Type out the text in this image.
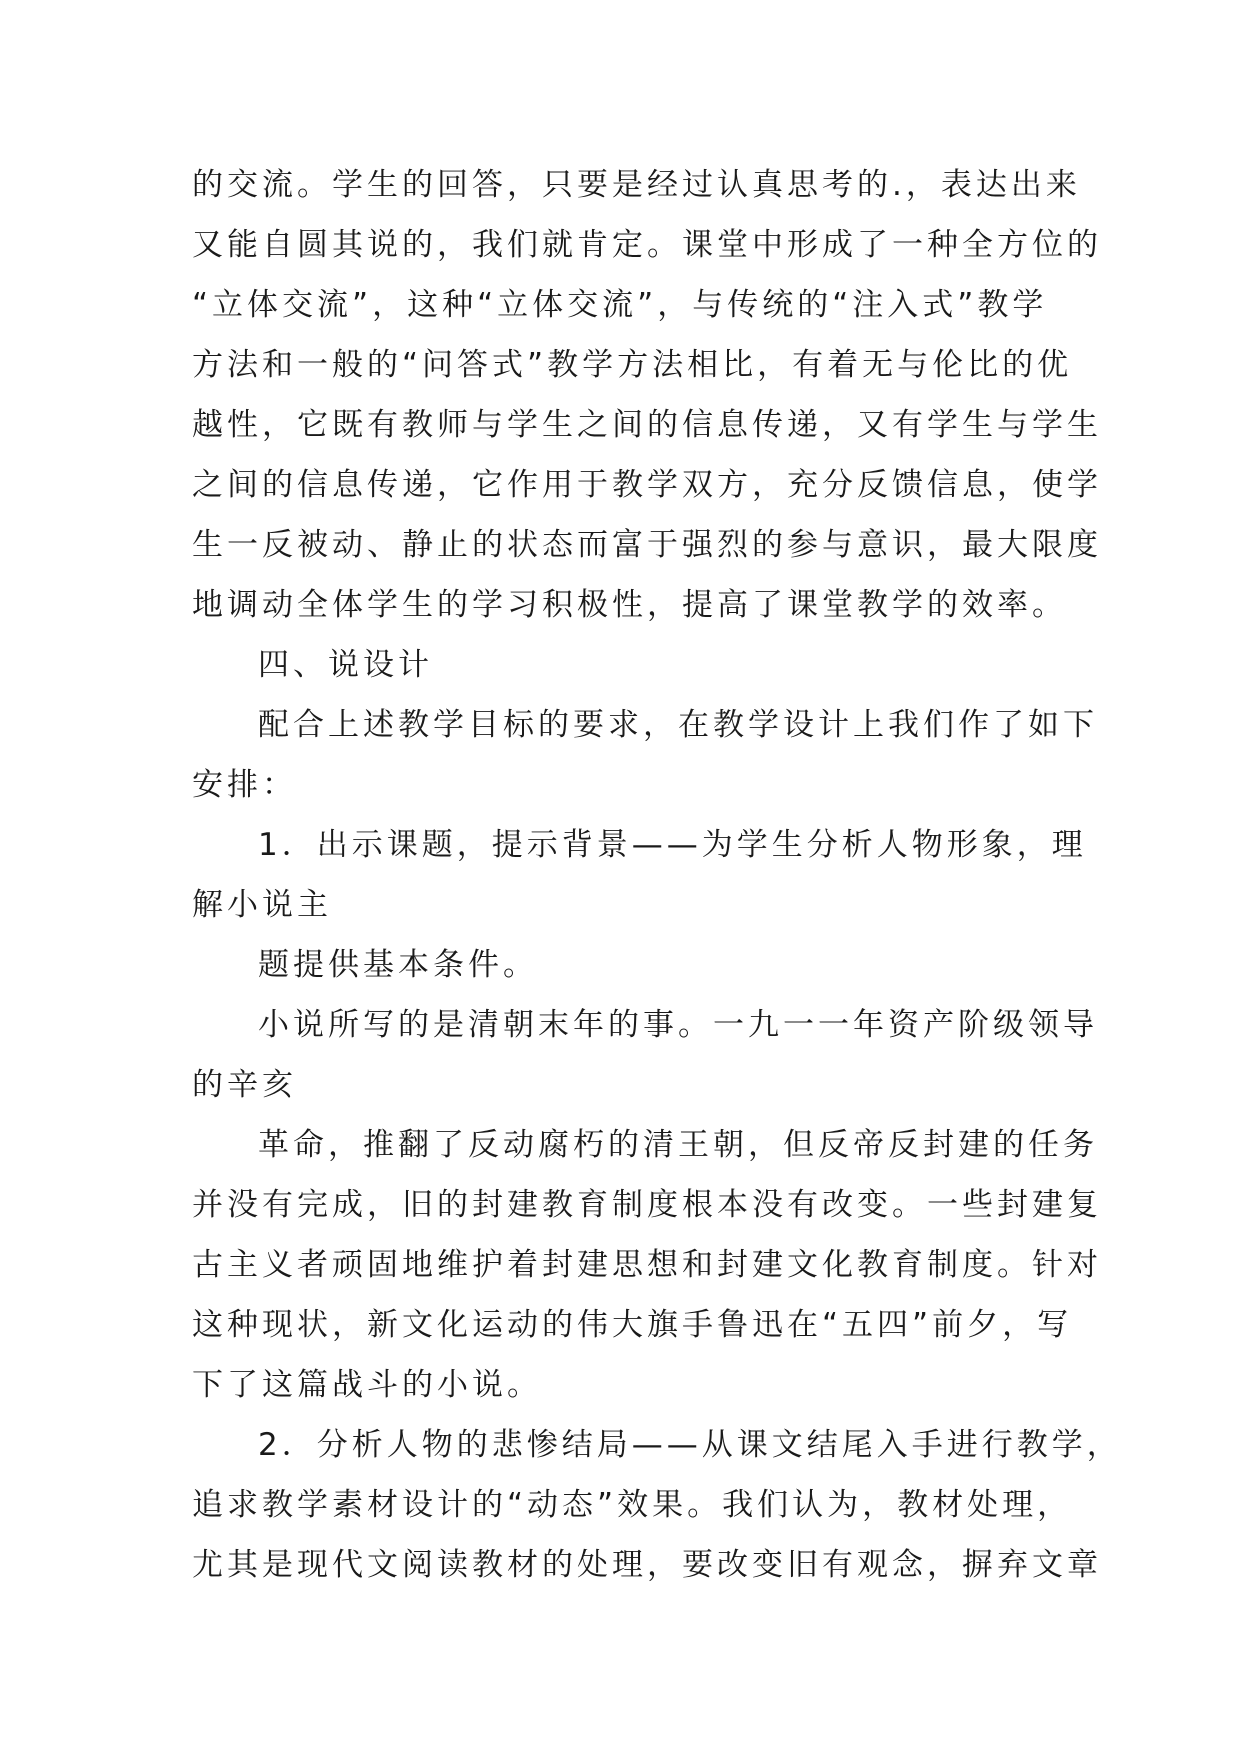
的交流。学生的回答，只要是经过认真思考的.，表达出来
又能自圆其说的，我们就肯定。课堂中形成了一种全方位的
“立体交流”，这种“立体交流”，与传统的“注入式”教学
方法和一般的“问答式”教学方法相比，有着无与伦比的优
越性，它既有教师与学生之间的信息传递，又有学生与学生
之间的信息传递，它作用于教学双方，充分反馈信息，使学
生一反被动、静止的状态而富于强烈的参与意识，最大限度
地调动全体学生的学习积极性，提高了课堂教学的效率。
四、说设计
配合上述教学目标的要求，在教学设计上我们作了如下
安排：
1．出示课题，提示背景——为学生分析人物形象，理
解小说主
题提供基本条件。
小说所写的是清朝末年的事。一九一一年资产阶级领导
的辛亥
革命，推翻了反动腐朽的清王朝，但反帝反封建的任务
并没有完成，旧的封建教育制度根本没有改变。一些封建复
古主义者顽固地维护着封建思想和封建文化教育制度。针对
这种现状，新文化运动的伟大旗手鲁迅在“五四”前夕，写
下了这篇战斗的小说。
2．分析人物的悲惨结局——从课文结尾入手进行教学，
追求教学素材设计的“动态”效果。我们认为，教材处理，
尤其是现代文阅读教材的处理，要改变旧有观念，摒弃文章
